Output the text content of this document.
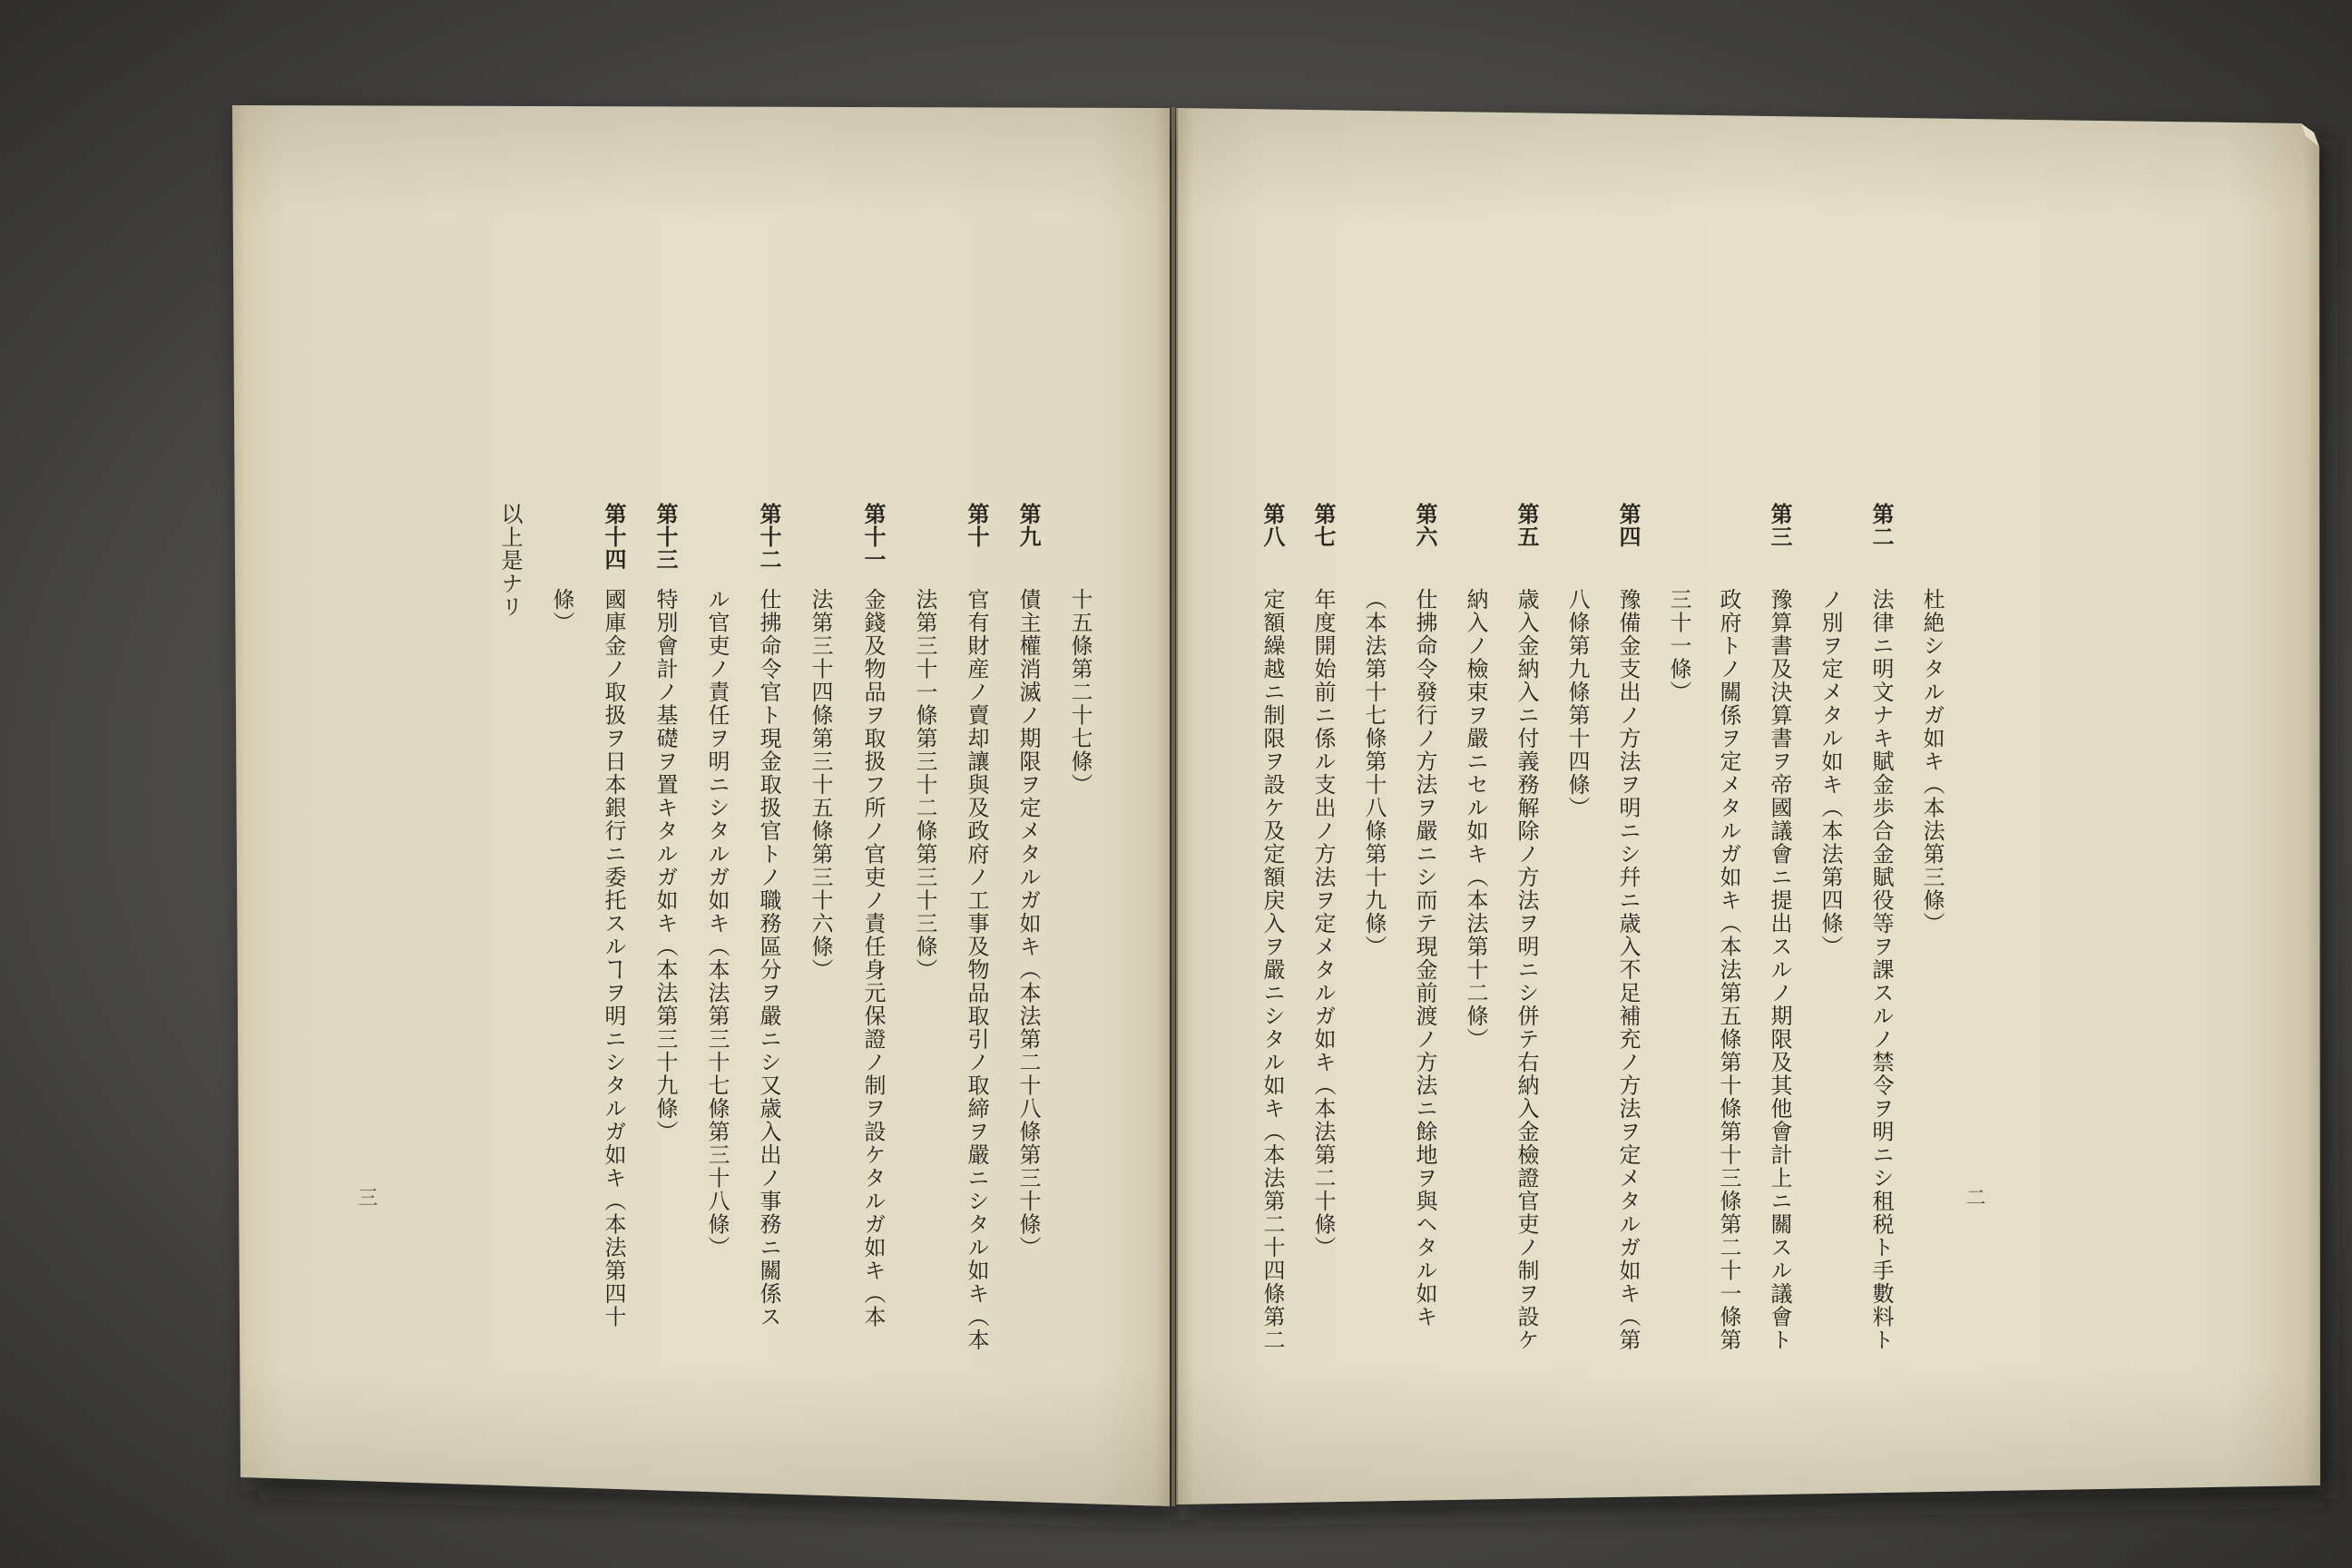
二
杜絶シタルガ如キ（本法第三條）
第二
法律ニ明文ナキ賦金歩合金賦役等ヲ課スルノ禁令ヲ明ニシ租税ト手數料ト
ノ別ヲ定メタル如キ（本法第四條）
第三
豫算書及決算書ヲ帝國議會ニ提出スルノ期限及其他會計上ニ關スル議會ト
政府トノ關係ヲ定メタルガ如キ（本法第五條第十條第十三條第二十一條第
三十一條）
第四
豫備金支出ノ方法ヲ明ニシ幷ニ歳入不足補充ノ方法ヲ定メタルガ如キ（第
八條第九條第十四條）
第五
歳入金納入ニ付義務解除ノ方法ヲ明ニシ併テ右納入金檢證官吏ノ制ヲ設ケ
納入ノ檢束ヲ嚴ニセル如キ（本法第十二條）
第六
仕拂命令發行ノ方法ヲ嚴ニシ而テ現金前渡ノ方法ニ餘地ヲ與ヘタル如キ
（本法第十七條第十八條第十九條）
第七
年度開始前ニ係ル支出ノ方法ヲ定メタルガ如キ（本法第二十條）
第八
定額繰越ニ制限ヲ設ケ及定額戻入ヲ嚴ニシタル如キ（本法第二十四條第二
三
十五條第二十七條）
第九
債主權消滅ノ期限ヲ定メタルガ如キ（本法第二十八條第三十條）
第十
官有財産ノ賣却讓與及政府ノ工事及物品取引ノ取締ヲ嚴ニシタル如キ（本
法第三十一條第三十二條第三十三條）
第十一
金錢及物品ヲ取扱フ所ノ官吏ノ責任身元保證ノ制ヲ設ケタルガ如キ（本
法第三十四條第三十五條第三十六條）
第十二
仕拂命令官ト現金取扱官トノ職務區分ヲ嚴ニシ又歳入出ノ事務ニ關係ス
ル官吏ノ責任ヲ明ニシタルガ如キ（本法第三十七條第三十八條）
第十三
特別會計ノ基礎ヲ置キタルガ如キ（本法第三十九條）
第十四
國庫金ノ取扱ヲ日本銀行ニ委托スルヿヲ明ニシタルガ如キ（本法第四十
條）
以上是ナリ
